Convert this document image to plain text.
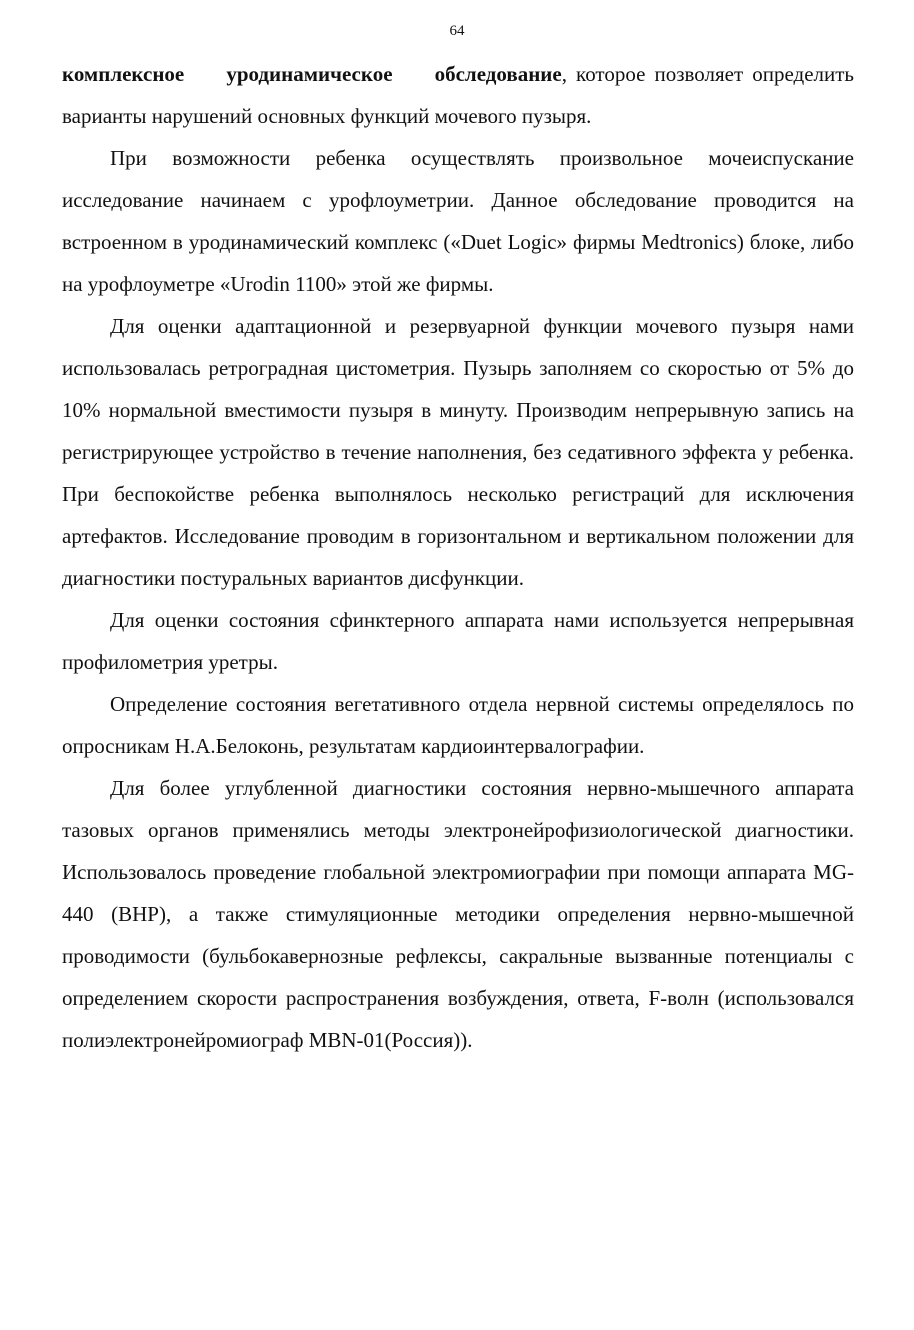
64

комплексное уродинамическое обследование, которое позволяет определить варианты нарушений основных функций мочевого пузыря.

При возможности ребенка осуществлять произвольное мочеиспускание исследование начинаем с урофлоуметрии. Данное обследование проводится на встроенном в уродинамический комплекс («Duet Logic» фирмы Medtronics) блоке, либо на урофлоуметре «Urodin 1100» этой же фирмы.

Для оценки адаптационной и резервуарной функции мочевого пузыря нами использовалась ретроградная цистометрия. Пузырь заполняем со скоростью от 5% до 10% нормальной вместимости пузыря в минуту. Производим непрерывную запись на регистрирующее устройство в течение наполнения, без седативного эффекта у ребенка. При беспокойстве ребенка выполнялось несколько регистраций для исключения артефактов. Исследование проводим в горизонтальном и вертикальном положении для диагностики постуральных вариантов дисфункции.

Для оценки состояния сфинктерного аппарата нами используется непрерывная профилометрия уретры.

Определение состояния вегетативного отдела нервной системы определялось по опросникам Н.А.Белоконь, результатам кардиоинтервалографии.

Для более углубленной диагностики состояния нервно-мышечного аппарата тазовых органов применялись методы электронейрофизиологической диагностики. Использовалось проведение глобальной электромиографии при помощи аппарата MG-440 (ВНР), а также стимуляционные методики определения нервно-мышечной проводимости (бульбокавернозные рефлексы, сакральные вызванные потенциалы с определением скорости распространения возбуждения, ответа, F-волн (использовался полиэлектронейромиограф MBN-01(Россия)).
